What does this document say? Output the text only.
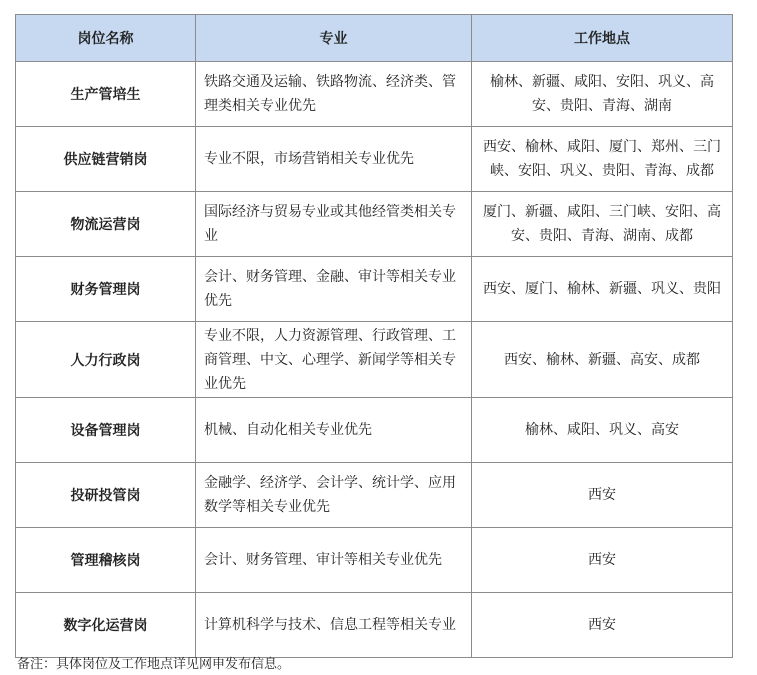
岗位名称	专业	工作地点
生产管培生	铁路交通及运输、铁路物流、经济类、管理类相关专业优先	榆林、新疆、咸阳、安阳、巩义、高安、贵阳、青海、湖南
供应链营销岗	专业不限，市场营销相关专业优先	西安、榆林、咸阳、厦门、郑州、三门峡、安阳、巩义、贵阳、青海、成都
物流运营岗	国际经济与贸易专业或其他经管类相关专业	厦门、新疆、咸阳、三门峡、安阳、高安、贵阳、青海、湖南、成都
财务管理岗	会计、财务管理、金融、审计等相关专业优先	西安、厦门、榆林、新疆、巩义、贵阳
人力行政岗	专业不限，人力资源管理、行政管理、工商管理、中文、心理学、新闻学等相关专业优先	西安、榆林、新疆、高安、成都
设备管理岗	机械、自动化相关专业优先	榆林、咸阳、巩义、高安
投研投管岗	金融学、经济学、会计学、统计学、应用数学等相关专业优先	西安
管理稽核岗	会计、财务管理、审计等相关专业优先	西安
数字化运营岗	计算机科学与技术、信息工程等相关专业	西安
备注：具体岗位及工作地点详见网申发布信息。
